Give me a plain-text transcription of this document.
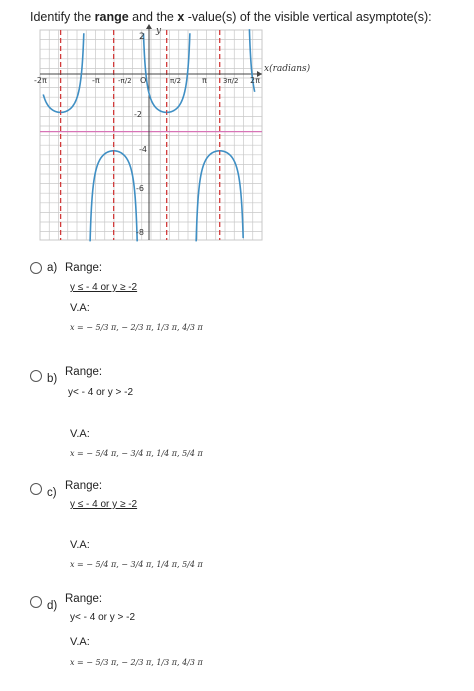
Identify the range and the x -value(s) of the visible vertical asymptote(s):
y
x(radians)
2
-2
-4
-6
-8
-2π	-π	-π/2 O	π/2	π 3π/2 2π
a) Range:
y ≤ - 4 or y ≥ -2
V.A:
x = − 5/3 π, − 2/3 π, 1/3 π, 4/3 π
b)
Range:
y< - 4 or y > -2
V.A:
x = − 5/4 π, − 3/4 π, 1/4 π, 5/4 π
c)
Range:
y ≤ - 4 or y ≥ -2
V.A:
x = − 5/4 π, − 3/4 π, 1/4 π, 5/4 π
d)
Range:
y< - 4 or y > -2
V.A:
x = − 5/3 π, − 2/3 π, 1/3 π, 4/3 π
